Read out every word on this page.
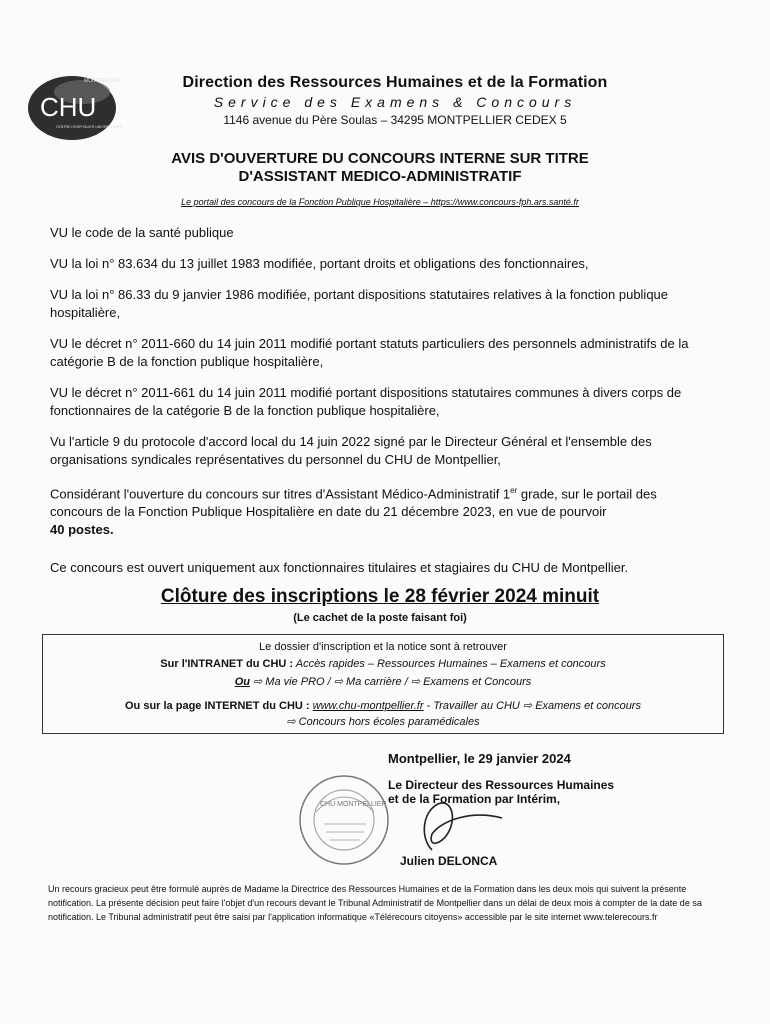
CHU
MONTPELLIER
CENTRE HOSPITALIER UNIVERSITAIRE
Direction des Ressources Humaines et de la Formation
Service des Examens & Concours
1146 avenue du Père Soulas – 34295 MONTPELLIER CEDEX 5
AVIS D'OUVERTURE DU CONCOURS INTERNE SUR TITRE
D'ASSISTANT MEDICO-ADMINISTRATIF
Le portail des concours de la Fonction Publique Hospitalière – https://www.concours-fph.ars.santé.fr

VU le code de la santé publique

VU la loi n° 83.634 du 13 juillet 1983 modifiée, portant droits et obligations des fonctionnaires,

VU la loi n° 86.33 du 9 janvier 1986 modifiée, portant dispositions statutaires relatives à la fonction publique hospitalière,

VU le décret n° 2011-660 du 14 juin 2011 modifié portant statuts particuliers des personnels administratifs de la catégorie B de la fonction publique hospitalière,

VU le décret n° 2011-661 du 14 juin 2011 modifié portant dispositions statutaires communes à divers corps de fonctionnaires de la catégorie B de la fonction publique hospitalière,

Vu l'article 9 du protocole d'accord local du 14 juin 2022 signé par le Directeur Général et l'ensemble des organisations syndicales représentatives du personnel du CHU de Montpellier,

Considérant l'ouverture du concours sur titres d'Assistant Médico-Administratif 1er grade, sur le portail des concours de la Fonction Publique Hospitalière en date du 21 décembre 2023, en vue de pourvoir
40 postes.

Ce concours est ouvert uniquement aux fonctionnaires titulaires et stagiaires du CHU de Montpellier.

Clôture des inscriptions le 28 février 2024 minuit
(Le cachet de la poste faisant foi)
Le dossier d'inscription et la notice sont à retrouver
Sur l'INTRANET du CHU : Accès rapides – Ressources Humaines – Examens et concours
Ou ⇨ Ma vie PRO / ⇨ Ma carrière / ⇨ Examens et Concours
Ou sur la page INTERNET du CHU : www.chu-montpellier.fr - Travailler au CHU ⇨ Examens et concours
⇨ Concours hors écoles paramédicales
Montpellier, le 29 janvier 2024
Le Directeur des Ressources Humaines
et de la Formation par Intérim,
CHU MONTPELLIER
Julien DELONCA
Un recours gracieux peut être formulé auprès de Madame la Directrice des Ressources Humaines et de la Formation dans les deux mois qui suivent la présente notification. La présente décision peut faire l'objet d'un recours devant le Tribunal Administratif de Montpellier dans un délai de deux mois à compter de la date de sa notification. Le Tribunal administratif peut être saisi par l'application informatique «Télérecours citoyens» accessible par le site internet www.telerecours.fr
